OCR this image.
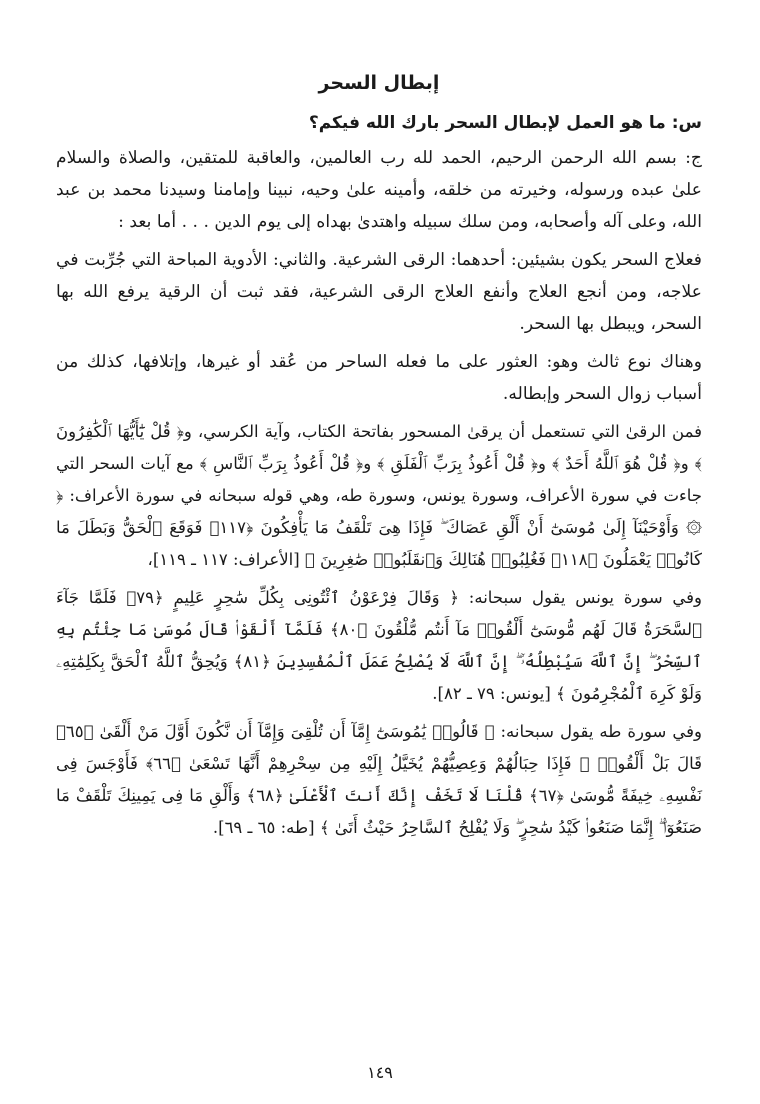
إبطال السحر
س: ما هو العمل لإبطال السحر بارك الله فيكم؟

ج: بسم الله الرحمن الرحيم، الحمد لله رب العالمين، والعاقبة للمتقين، والصلاة والسلام علىٰ عبده ورسوله، وخيرته من خلقه، وأمينه علىٰ وحيه، نبينا وإمامنا وسيدنا محمد بن عبد الله، وعلى آله وأصحابه، ومن سلك سبيله واهتدىٰ بهداه إلى يوم الدين . . . أما بعد :

فعلاج السحر يكون بشيئين: أحدهما: الرقى الشرعية. والثاني: الأدوية المباحة التي جُرِّبت في علاجه، ومن أنجع العلاج وأنفع العلاج الرقى الشرعية، فقد ثبت أن الرقية يرفع الله بها السحر، ويبطل بها السحر.

وهناك نوع ثالث وهو: العثور على ما فعله الساحر من عُقد أو غيرها، وإتلافها، كذلك من أسباب زوال السحر وإبطاله.

فمن الرقىٰ التي تستعمل أن يرقىٰ المسحور بفاتحة الكتاب، وآية الكرسي، و﴿ قُلْ يَٰٓأَيُّهَا ٱلْكَٰفِرُونَ ﴾ و﴿ قُلْ هُوَ ٱللَّهُ أَحَدٌ ﴾ و﴿ قُلْ أَعُوذُ بِرَبِّ ٱلْفَلَقِ ﴾ و﴿ قُلْ أَعُوذُ بِرَبِّ ٱلنَّاسِ ﴾ مع آيات السحر التي جاءت في سورة الأعراف، وسورة يونس، وسورة طه، وهي قوله سبحانه في سورة الأعراف: ﴿ ۞ وَأَوْحَيْنَآ إِلَىٰ مُوسَىٰٓ أَنْ أَلْقِ عَصَاكَ ۖ فَإِذَا هِىَ تَلْقَفُ مَا يَأْفِكُونَ ﴿١١٧﴾ فَوَقَعَ ٱلْحَقُّ وَبَطَلَ مَا كَانُوا۟ يَعْمَلُونَ ﴿١١٨﴾ فَغُلِبُوا۟ هُنَالِكَ وَٱنقَلَبُوا۟ صَٰغِرِينَ ﴾ [الأعراف: ١١٧ ـ ١١٩]،

وفي سورة يونس يقول سبحانه: ﴿ وَقَالَ فِرْعَوْنُ ٱئْتُونِى بِكُلِّ سَٰحِرٍ عَلِيمٍ ﴿٧٩﴾ فَلَمَّا جَآءَ ٱلسَّحَرَةُ قَالَ لَهُم مُّوسَىٰٓ أَلْقُوا۟ مَآ أَنتُم مُّلْقُونَ ﴿٨٠﴾ فَلَمَّآ أَلْقَوْا۟ قَالَ مُوسَىٰ مَا جِئْتُم بِهِ ٱلسِّحْرُ ۖ إِنَّ ٱللَّهَ سَيُبْطِلُهُۥٓ ۖ إِنَّ ٱللَّهَ لَا يُصْلِحُ عَمَلَ ٱلْمُفْسِدِينَ ﴿٨١﴾ وَيُحِقُّ ٱللَّهُ ٱلْحَقَّ بِكَلِمَٰتِهِۦ وَلَوْ كَرِهَ ٱلْمُجْرِمُونَ ﴾ [يونس: ٧٩ ـ ٨٢].

وفي سورة طه يقول سبحانه: ﴿ قَالُوا۟ يَٰمُوسَىٰٓ إِمَّآ أَن تُلْقِىَ وَإِمَّآ أَن نَّكُونَ أَوَّلَ مَنْ أَلْقَىٰ ﴿٦٥﴾ قَالَ بَلْ أَلْقُوا۟ ۖ فَإِذَا حِبَالُهُمْ وَعِصِيُّهُمْ يُخَيَّلُ إِلَيْهِ مِن سِحْرِهِمْ أَنَّهَا تَسْعَىٰ ﴿٦٦﴾ فَأَوْجَسَ فِى نَفْسِهِۦ خِيفَةً مُّوسَىٰ ﴿٦٧﴾ قُلْنَا لَا تَخَفْ إِنَّكَ أَنتَ ٱلْأَعْلَىٰ ﴿٦٨﴾ وَأَلْقِ مَا فِى يَمِينِكَ تَلْقَفْ مَا صَنَعُوٓا۟ ۖ إِنَّمَا صَنَعُوا۟ كَيْدُ سَٰحِرٍ ۖ وَلَا يُفْلِحُ ٱلسَّاحِرُ حَيْثُ أَتَىٰ ﴾ [طه: ٦٥ ـ ٦٩].

١٤٩
